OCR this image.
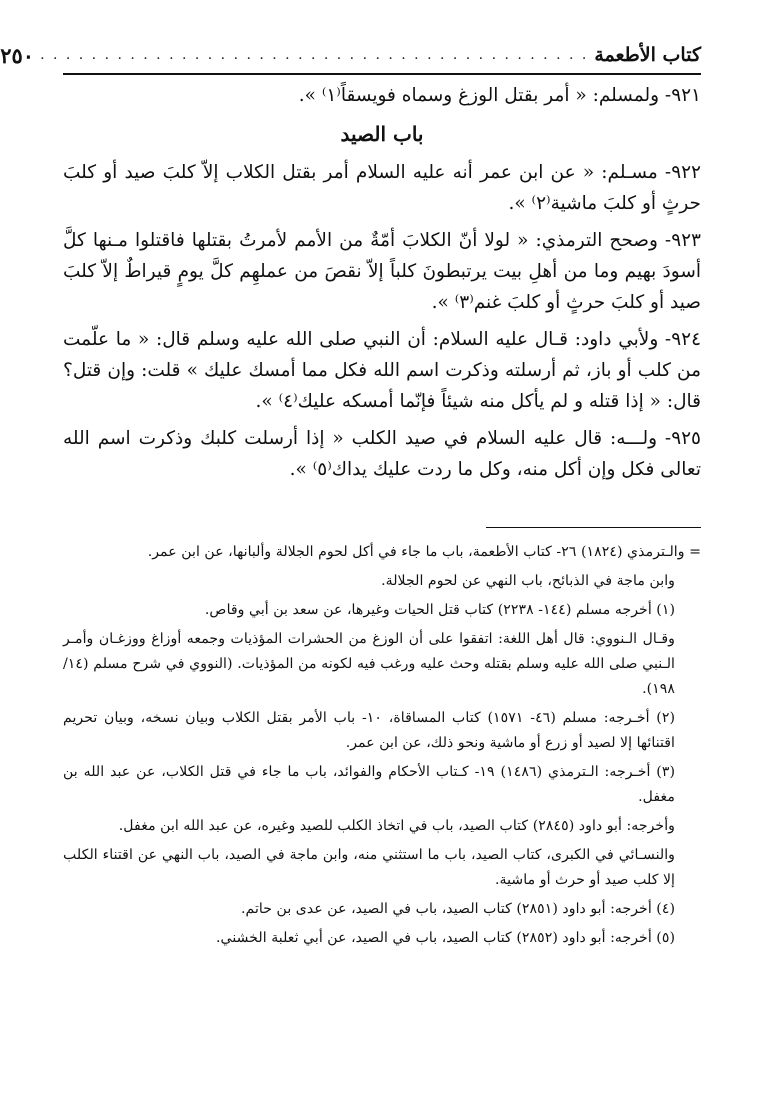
كتاب الأطعمة
. . . . . . . . . . . . . . . . . . . . . . . . . . . . . . . . . . . . . . . . . . .
٢٥٠

٩٢١- ولمسلم: « أمر بقتل الوزغ وسماه فويسقاً⁽١⁾ ».

باب الصيد

٩٢٢- مسـلم: « عن ابن عمر أنه عليه السلام أمر بقتل الكلاب إلاّ كلبَ صيد أو كلبَ حرثٍ أو كلبَ ماشية⁽٢⁾ ».

٩٢٣- وصحح الترمذي: « لولا أنّ الكلابَ أمّةٌ من الأمم لأمرتُ بقتلها فاقتلوا مـنها كلَّ أسودَ بهيم وما من أهلِ بيت يرتبطونَ كلباً إلاّ نقصَ من عملهِم كلَّ يومٍ قيراطٌ إلاّ كلبَ صيد أو كلبَ حرثٍ أو كلبَ غنم⁽٣⁾ ».

٩٢٤- ولأبي داود: قـال عليه السلام: أن النبي صلى الله عليه وسلم قال: « ما علّمت من كلب أو باز، ثم أرسلته وذكرت اسم الله فكل مما أمسك عليك » قلت: وإن قتل؟ قال: « إذا قتله و لم يأكل منه شيئاً فإنّما أمسكه عليك⁽٤⁾ ».

٩٢٥- ولـــه: قال عليه السلام في صيد الكلب « إذا أرسلت كلبك وذكرت اسم الله تعالى فكل وإن أكل منه، وكل ما ردت عليك يداك⁽٥⁾ ».

= والـترمذي (١٨٢٤) ٢٦- كتاب الأطعمة، باب ما جاء في أكل لحوم الجلالة وألبانها، عن ابن عمر.

وابن ماجة في الذبائح، باب النهي عن لحوم الجلالة.

(١) أخرجه مسلم (١٤٤- ٢٢٣٨) كتاب قتل الحيات وغيرها، عن سعد بن أبي وقاص.

وقـال الـنووي: قال أهل اللغة: اتفقوا على أن الوزغ من الحشرات المؤذيات وجمعه أوزاغ ووزغـان وأمـر الـنبي صلى الله عليه وسلم بقتله وحث عليه ورغب فيه لكونه من المؤذيات. (النووي في شرح مسلم (١٤/ ١٩٨).

(٢) أخـرجه: مسلم (٤٦- ١٥٧١) كتاب المساقاة، ١٠- باب الأمر بقتل الكلاب وبيان نسخه، وبيان تحريم اقتنائها إلا لصيد أو زرع أو ماشية ونحو ذلك، عن ابن عمر.

(٣) أخـرجه: الـترمذي (١٤٨٦) ١٩- كـتاب الأحكام والفوائد، باب ما جاء في قتل الكلاب، عن عبد الله بن مغفل.

وأخرجه: أبو داود (٢٨٤٥) كتاب الصيد، باب في اتخاذ الكلب للصيد وغيره، عن عبد الله ابن مغفل.

والنسـائي في الكبرى، كتاب الصيد، باب ما استثني منه، وابن ماجة في الصيد، باب النهي عن اقتناء الكلب إلا كلب صيد أو حرث أو ماشية.

(٤) أخرجه: أبو داود (٢٨٥١) كتاب الصيد، باب في الصيد، عن عدى بن حاتم.

(٥) أخرجه: أبو داود (٢٨٥٢) كتاب الصيد، باب في الصيد، عن أبي ثعلبة الخشني.
